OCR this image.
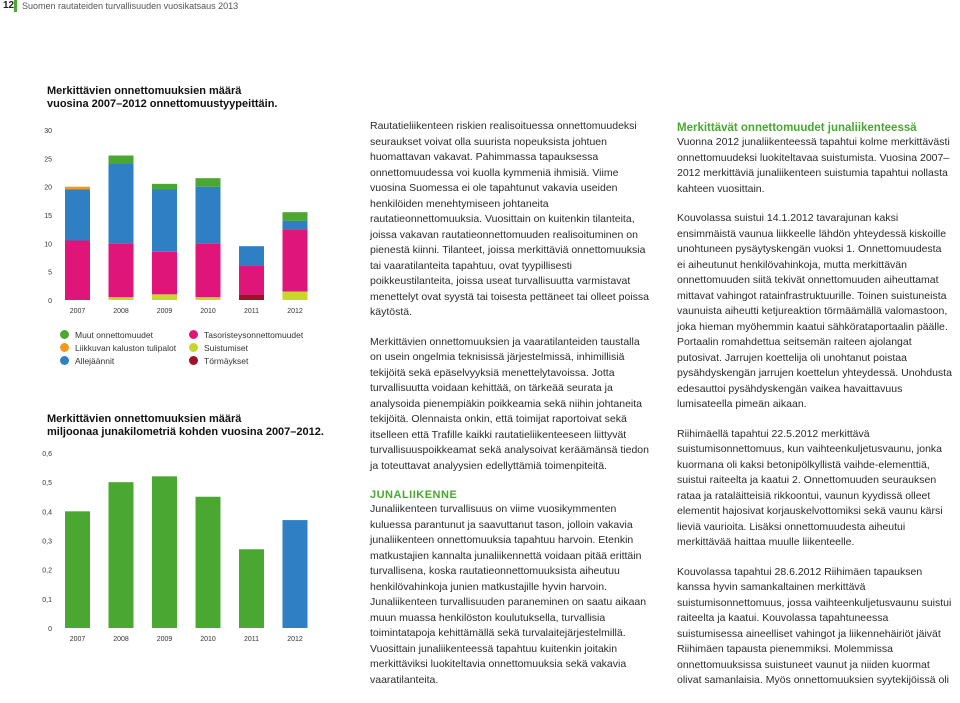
12 Suomen rautateiden turvallisuuden vuosikatsaus 2013
Merkittävien onnettomuuksien määrä
vuosina 2007–2012 onnettomuustyypeittäin.
Merkittävien onnettomuuksien määrä
miljoonaa junakilometriä kohden vuosina 2007–2012.
0
5
10
15
20
25
30
2007	2008	2009	2010	2011	2012
0
0,1
0,2
0,3
0,4
0,5
0,6
2007	2008	2009	2010	2011	2012
Muut onnettomuudet
Liikkuvan kaluston tulipalot
Allejäännit
Tasoristeysonnettomuudet
Suistumiset
Törmäykset

Rautatieliikenteen riskien realisoituessa onnettomuudeksi seuraukset voivat olla suurista nopeuksista johtuen huomattavan vakavat. Pahimmassa tapauksessa onnettomuudessa voi kuolla kymmeniä ihmisiä. Viime vuosina Suomessa ei ole tapahtunut vakavia useiden henkilöiden menehtymiseen johtaneita rautatieonnettomuuksia. Vuosittain on kuitenkin tilanteita, joissa vakavan rautatieonnettomuuden realisoituminen on pienestä kiinni. Tilanteet, joissa merkittäviä onnettomuuksia tai vaaratilanteita tapahtuu, ovat tyypillisesti poikkeustilanteita, joissa useat turvallisuutta varmistavat menettelyt ovat syystä tai toisesta pettäneet tai olleet poissa käytöstä.

Merkittävien onnettomuuksien ja vaaratilanteiden taustalla on usein ongelmia teknisissä järjestelmissä, inhimillisiä tekijöitä sekä epäselvyyksiä menettelytavoissa. Jotta turvallisuutta voidaan kehittää, on tärkeää seurata ja analysoida pienempiäkin poikkeamia sekä niihin johtaneita tekijöitä. Olennaista onkin, että toimijat raportoivat sekä itselleen että Trafille kaikki rautatieliikenteeseen liittyvät turvallisuuspoikkeamat sekä analysoivat keräämänsä tiedon ja toteuttavat analyysien edellyttämiä toimenpiteitä.

JUNALIIKENNE

Junaliikenteen turvallisuus on viime vuosikymmenten kuluessa parantunut ja saavuttanut tason, jolloin vakavia junaliikenteen onnettomuuksia tapahtuu harvoin. Etenkin matkustajien kannalta junaliikennettä voidaan pitää erittäin turvallisena, koska rautatieonnettomuuksista aiheutuu henkilövahinkoja junien matkustajille hyvin harvoin. Junaliikenteen turvallisuuden paraneminen on saatu aikaan muun muassa henkilöston koulutuksella, turvallisia toimintatapoja kehittämällä sekä turvalaitejärjestelmillä. Vuosittain junaliikenteessä tapahtuu kuitenkin joitakin merkittäviksi luokiteltavia onnettomuuksia sekä vakavia vaaratilanteita.

Merkittävät onnettomuudet junaliikenteessä

Vuonna 2012 junaliikenteessä tapahtui kolme merkittävästi onnettomuudeksi luokiteltavaa suistumista. Vuosina 2007–2012 merkittäviä junaliikenteen suistumia tapahtui nollasta kahteen vuosittain.

Kouvolassa suistui 14.1.2012 tavarajunan kaksi ensimmäistä vaunua liikkeelle lähdön yhteydessä kiskoille unohtuneen pysäytyskengän vuoksi 1. Onnettomuudesta ei aiheutunut henkilövahinkoja, mutta merkittävän onnettomuuden siitä tekivät onnettomuuden aiheuttamat mittavat vahingot ratainfrastruktuurille. Toinen suistuneista vaunuista aiheutti ketjureaktion törmäämällä valomastoon, joka hieman myöhemmin kaatui sähkörataportaalin päälle. Portaalin romahdettua seitsemän raiteen ajolangat putosivat. Jarrujen koettelija oli unohtanut poistaa pysähdyskengän jarrujen koettelun yhteydessä. Unohdusta edesauttoi pysähdyskengän vaikea havaittavuus lumisateella pimeän aikaan.

Riihimäellä tapahtui 22.5.2012 merkittävä suistumisonnettomuus, kun vaihteenkuljetusvaunu, jonka kuormana oli kaksi betonipölkyllistä vaihde-elementtiä, suistui raiteelta ja kaatui 2. Onnettomuuden seurauksen rataa ja rataläitteisiä rikkoontui, vaunun kyydissä olleet elementit hajosivat korjauskelvottomiksi sekä vaunu kärsi lieviä vaurioita. Lisäksi onnettomuudesta aiheutui merkittävää haittaa muulle liikenteelle.

Kouvolassa tapahtui 28.6.2012 Riihimäen tapauksen kanssa hyvin samankaltainen merkittävä suistumisonnettomuus, jossa vaihteenkuljetusvaunu suistui raiteelta ja kaatui. Kouvolassa tapahtuneessa suistumisessa aineelliset vahingot ja liikennehäiriöt jäivät Riihimäen tapausta pienemmiksi. Molemmissa onnettomuuksissa suistuneet vaunut ja niiden kuormat olivat samanlaisia. Myös onnettomuuksien syytekijöissä oli
